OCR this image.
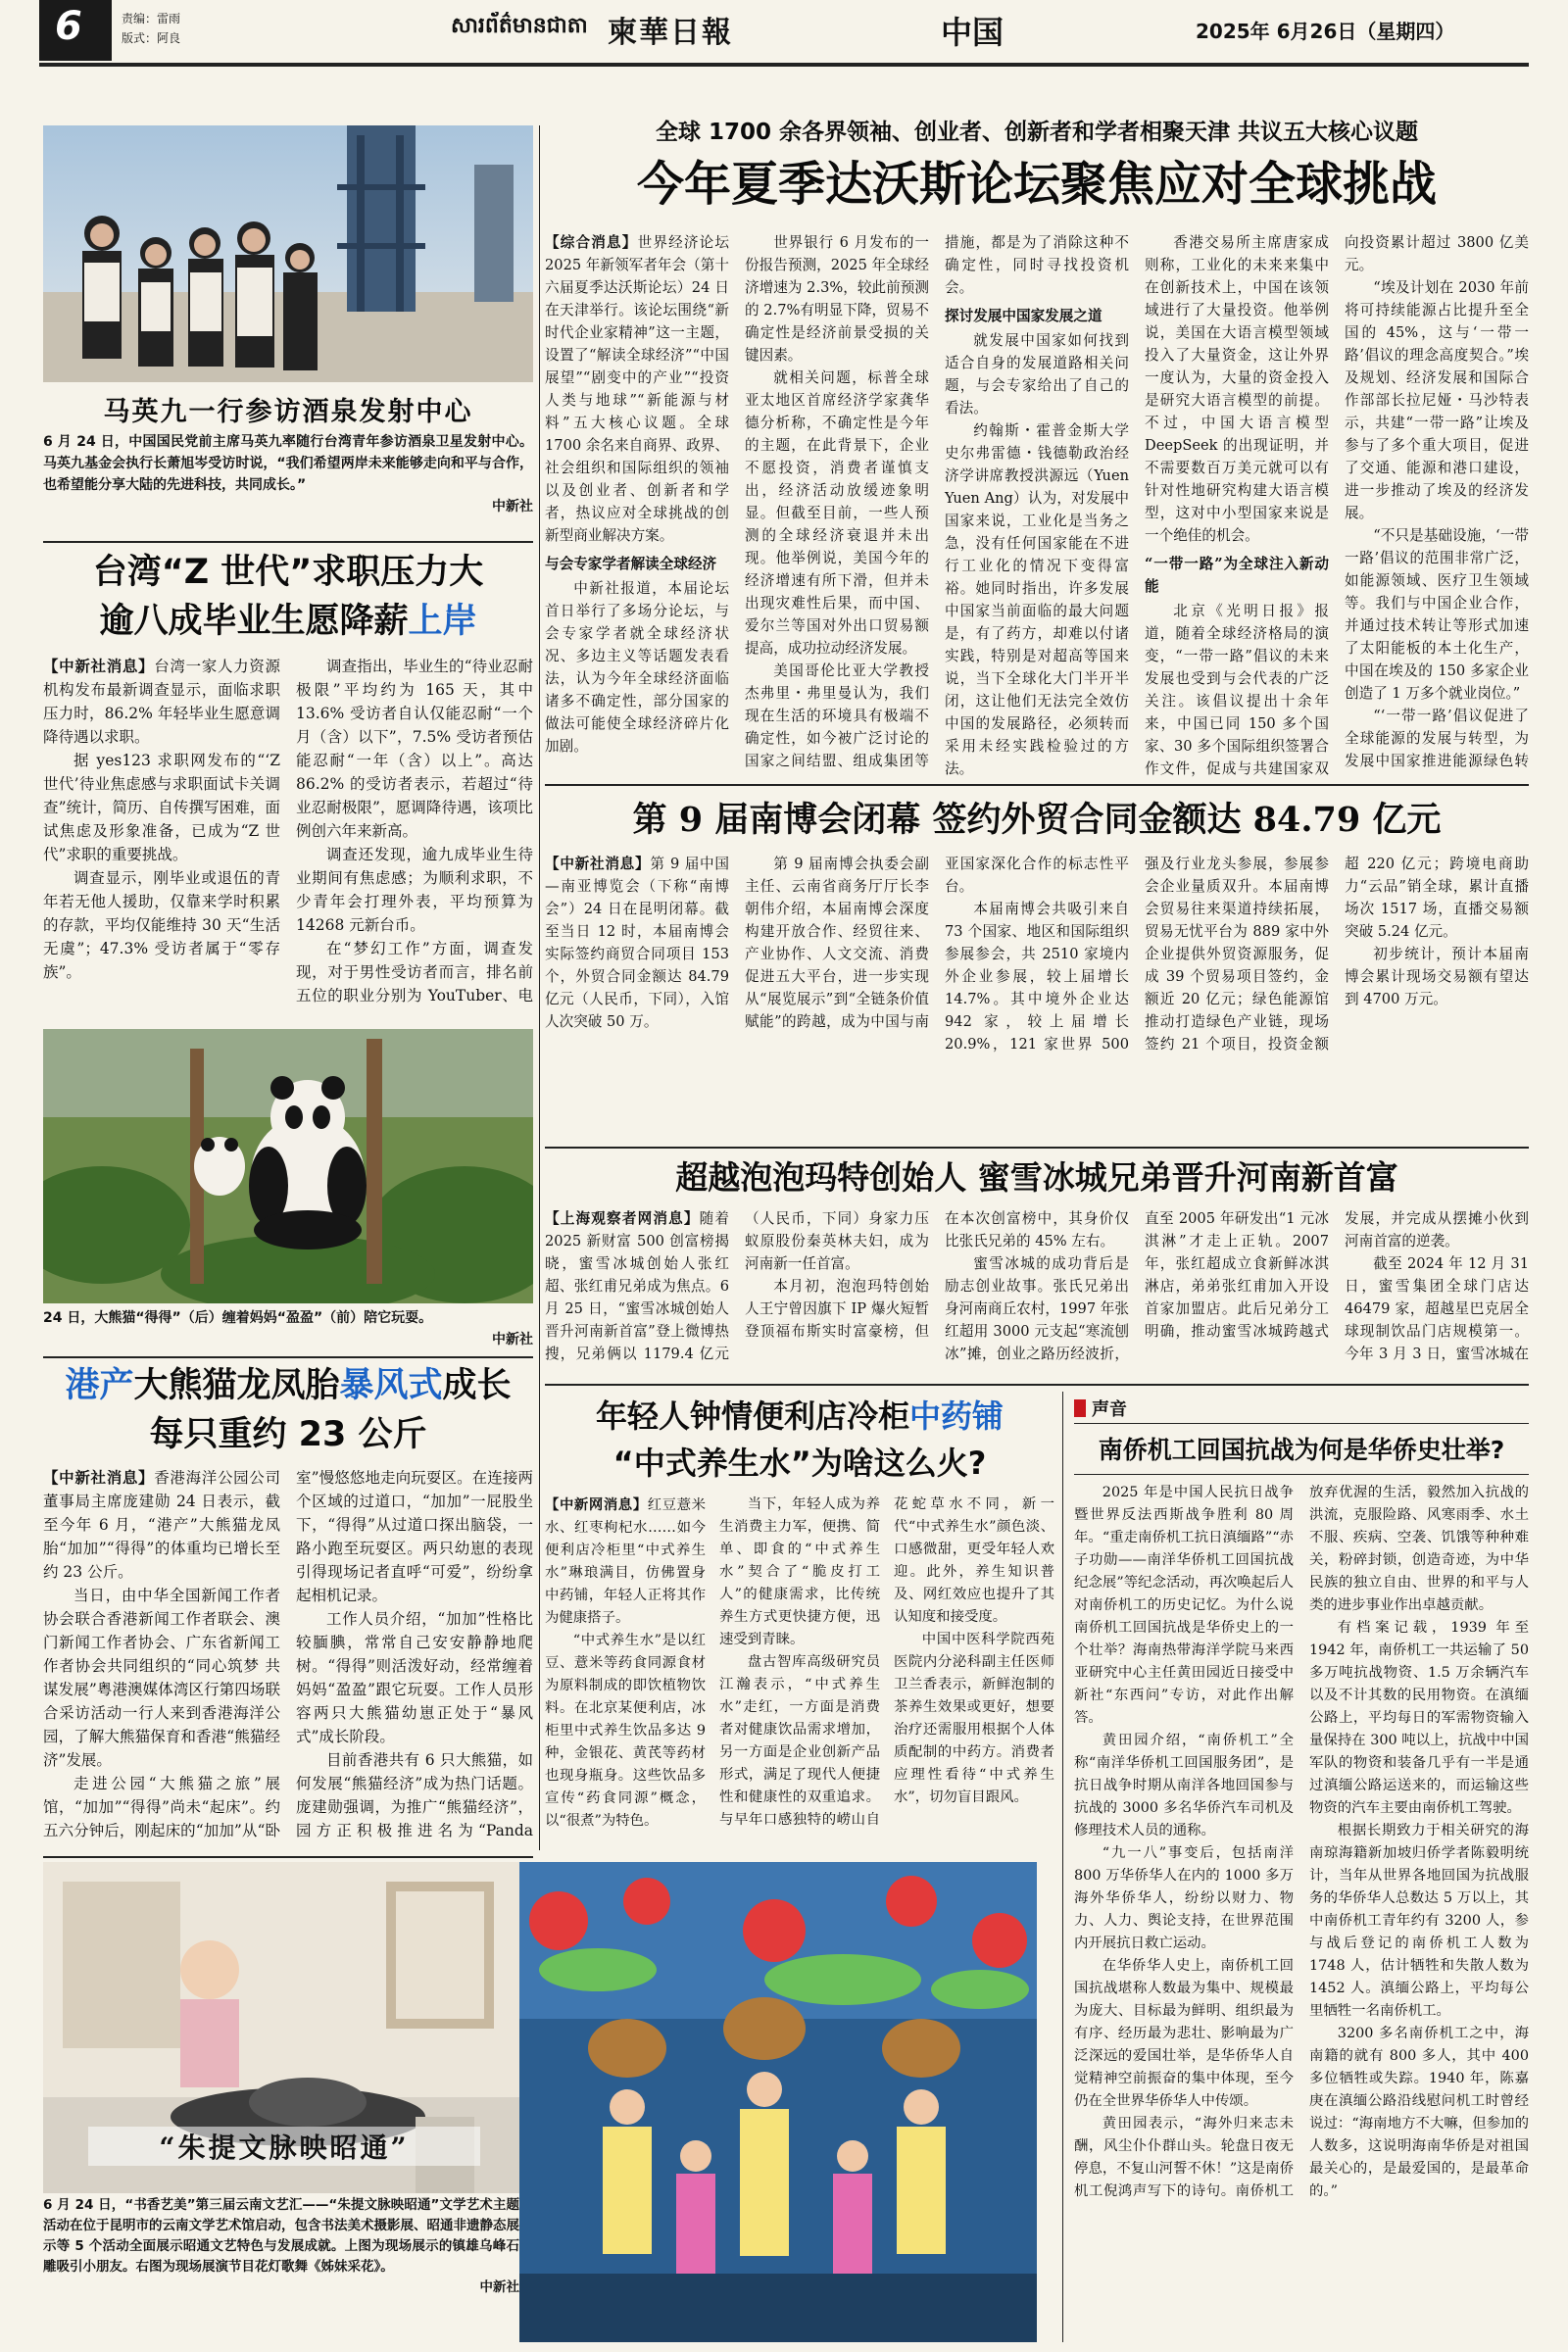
6	责编：雷雨
版式：阿良	សារព័ត៌មានជាតា 柬華日報	中国	2025年 6月26日（星期四）
马英九一行参访酒泉发射中心
6 月 24 日，中国国民党前主席马英九率随行台湾青年参访酒泉卫星发射中心。马英九基金会执行长萧旭岑受访时说，“我们希望两岸未来能够走向和平与合作，也希望能分享大陆的先进科技，共同成长。”
中新社
台湾“Z 世代”求职压力大
逾八成毕业生愿降薪上岸

【中新社消息】台湾一家人力资源机构发布最新调查显示，面临求职压力时，86.2% 年轻毕业生愿意调降待遇以求职。

据 yes123 求职网发布的“‘Z 世代’待业焦虑感与求职面试卡关调查”统计，简历、自传撰写困难，面试焦虑及形象准备，已成为“Z 世代”求职的重要挑战。

调查显示，刚毕业或退伍的青年若无他人援助，仅靠来学时积累的存款，平均仅能维持 30 天“生活无虞”；47.3% 受访者属于“零存族”。

调查指出，毕业生的“待业忍耐极限”平均约为 165 天，其中 13.6% 受访者自认仅能忍耐“一个月（含）以下”，7.5% 受访者预估能忍耐“一年（含）以上”。高达 86.2% 的受访者表示，若超过“待业忍耐极限”，愿调降待遇，该项比例创六年来新高。

调查还发现，逾九成毕业生待业期间有焦虑感；为顺利求职，不少青年会打理外表，平均预算为 14268 元新台币。

在“梦幻工作”方面，调查发现，对于男性受访者而言，排名前五位的职业分别为 YouTuber、电

24 日，大熊猫“得得”（后）缠着妈妈“盈盈”（前）陪它玩耍。
中新社
港产大熊猫龙凤胎暴风式成长
每只重约 23 公斤

【中新社消息】香港海洋公园公司董事局主席庞建勋 24 日表示，截至今年 6 月，“港产”大熊猫龙凤胎“加加”“得得”的体重均已增长至约 23 公斤。

当日，由中华全国新闻工作者协会联合香港新闻工作者联会、澳门新闻工作者协会、广东省新闻工作者协会共同组织的“同心筑梦 共谋发展”粤港澳媒体湾区行第四场联合采访活动一行人来到香港海洋公园，了解大熊猫保育和香港“熊猫经济”发展。

走进公园“大熊猫之旅”展馆，“加加”“得得”尚未“起床”。约五六分钟后，刚起床的“加加”从“卧室”慢悠悠地走向玩耍区。在连接两个区域的过道口，“加加”一屁股坐下，“得得”从过道口探出脑袋，一路小跑至玩耍区。两只幼崽的表现引得现场记者直呼“可爱”，纷纷拿起相机记录。

工作人员介绍，“加加”性格比较腼腆，常常自己安安静静地爬树。“得得”则活泼好动，经常缠着妈妈“盈盈”跟它玩耍。工作人员形容两只大熊猫幼崽正处于“暴风式”成长阶段。

目前香港共有 6 只大熊猫，如何发展“熊猫经济”成为热门话题。庞建勋强调，为推广“熊猫经济”，园方正积极推进名为“Panda

“朱提文脉映昭通”
6 月 24 日，“书香艺美”第三届云南文艺汇——“朱提文脉映昭通”文学艺术主题活动在位于昆明市的云南文学艺术馆启动，包含书法美术摄影展、昭通非遗静态展示等 5 个活动全面展示昭通文艺特色与发展成就。上图为现场展示的镇雄乌峰石雕吸引小朋友。右图为现场展演节目花灯歌舞《姊妹采花》。
中新社
全球 1700 余各界领袖、创业者、创新者和学者相聚天津 共议五大核心议题
今年夏季达沃斯论坛聚焦应对全球挑战

【综合消息】世界经济论坛 2025 年新领军者年会（第十六届夏季达沃斯论坛）24 日在天津举行。该论坛围绕“新时代企业家精神”这一主题，设置了“解读全球经济”“中国展望”“剧变中的产业”“投资人类与地球”“新能源与材料”五大核心议题。全球 1700 余名来自商界、政界、社会组织和国际组织的领袖以及创业者、创新者和学者，热议应对全球挑战的创新型商业解决方案。

与会专家学者解读全球经济

中新社报道，本届论坛首日举行了多场分论坛，与会专家学者就全球经济状况、多边主义等话题发表看法，认为今年全球经济面临诸多不确定性，部分国家的做法可能使全球经济碎片化加剧。

世界银行 6 月发布的一份报告预测，2025 年全球经济增速为 2.3%，较此前预测的 2.7%有明显下降，贸易不确定性是经济前景受损的关键因素。

就相关问题，标普全球亚太地区首席经济学家龚华德分析称，不确定性是今年的主题，在此背景下，企业不愿投资，消费者谨慎支出，经济活动放缓迹象明显。但截至目前，一些人预测的全球经济衰退并未出现。他举例说，美国今年的经济增速有所下滑，但并未出现灾难性后果，而中国、爱尔兰等国对外出口贸易额提高，成功拉动经济发展。

美国哥伦比亚大学教授杰弗里・弗里曼认为，我们现在生活的环境具有极端不确定性，如今被广泛讨论的国家之间结盟、组成集团等措施，都是为了消除这种不确定性，同时寻找投资机会。

探讨发展中国家发展之道

就发展中国家如何找到适合自身的发展道路相关问题，与会专家给出了自己的看法。

约翰斯・霍普金斯大学史尔弗雷德・钱德勒政治经济学讲席教授洪源远（Yuen Yuen Ang）认为，对发展中国家来说，工业化是当务之急，没有任何国家能在不进行工业化的情况下变得富裕。她同时指出，许多发展中国家当前面临的最大问题是，有了药方，却难以付诸实践，特别是对超高等国来说，当下全球化大门半开半闭，这让他们无法完全效仿中国的发展路径，必须转而采用未经实践检验过的方法。

香港交易所主席唐家成则称，工业化的未来来集中在创新技术上，中国在该领域进行了大量投资。他举例说，美国在大语言模型领域投入了大量资金，这让外界一度认为，大量的资金投入是研究大语言模型的前提。不过，中国大语言模型 DeepSeek 的出现证明，并不需要数百万美元就可以有针对性地研究构建大语言模型，这对中小型国家来说是一个绝佳的机会。

“一带一路”为全球注入新动能

北京《光明日报》报道，随着全球经济格局的演变，“一带一路”倡议的未来发展也受到与会代表的广泛关注。该倡议提出十余年来，中国已同 150 多个国家、30 多个国际组织签署合作文件，促成与共建国家双向投资累计超过 3800 亿美元。

“埃及计划在 2030 年前将可持续能源占比提升至全国的 45%，这与‘一带一路’倡议的理念高度契合。”埃及规划、经济发展和国际合作部部长拉尼娅・马沙特表示，共建“一带一路”让埃及参与了多个重大项目，促进了交通、能源和港口建设，进一步推动了埃及的经济发展。

“不只是基础设施，‘一带一路’倡议的范围非常广泛，如能源领域、医疗卫生领域等。我们与中国企业合作，并通过技术转让等形式加速了太阳能板的本土化生产，中国在埃及的 150 多家企业创造了 1 万多个就业岗位。”

“‘一带一路’倡议促进了全球能源的发展与转型，为发展中国家推进能源绿色转

第 9 届南博会闭幕 签约外贸合同金额达 84.79 亿元

【中新社消息】第 9 届中国—南亚博览会（下称“南博会”）24 日在昆明闭幕。截至当日 12 时，本届南博会实际签约商贸合同项目 153 个，外贸合同金额达 84.79 亿元（人民币，下同），入馆人次突破 50 万。

第 9 届南博会执委会副主任、云南省商务厅厅长李朝伟介绍，本届南博会深度构建开放合作、经贸往来、产业协作、人文交流、消费促进五大平台，进一步实现从“展览展示”到“全链条价值赋能”的跨越，成为中国与南亚国家深化合作的标志性平台。

本届南博会共吸引来自 73 个国家、地区和国际组织参展参会，共 2510 家境内外企业参展，较上届增长 14.7%。其中境外企业达 942 家，较上届增长 20.9%，121 家世界 500 强及行业龙头参展，参展参会企业量质双升。本届南博会贸易往来渠道持续拓展，贸易无忧平台为 889 家中外企业提供外贸资源服务，促成 39 个贸易项目签约，金额近 20 亿元；绿色能源馆推动打造绿色产业链，现场签约 21 个项目，投资金额超 220 亿元；跨境电商助力“云品”销全球，累计直播场次 1517 场，直播交易额突破 5.24 亿元。

初步统计，预计本届南博会累计现场交易额有望达到 4700 万元。

超越泡泡玛特创始人 蜜雪冰城兄弟晋升河南新首富

【上海观察者网消息】随着 2025 新财富 500 创富榜揭晓，蜜雪冰城创始人张红超、张红甫兄弟成为焦点。6 月 25 日，“蜜雪冰城创始人晋升河南新首富”登上微博热搜，兄弟俩以 1179.4 亿元（人民币，下同）身家力压蚁原股份秦英林夫妇，成为河南新一任首富。

本月初，泡泡玛特创始人王宁曾因旗下 IP 爆火短暂登顶福布斯实时富豪榜，但在本次创富榜中，其身价仅比张氏兄弟的 45% 左右。

蜜雪冰城的成功背后是励志创业故事。张氏兄弟出身河南商丘农村，1997 年张红超用 3000 元支起“寒流刨冰”摊，创业之路历经波折，直至 2005 年研发出“1 元冰淇淋”才走上正轨。2007 年，张红超成立食新鲜冰淇淋店，弟弟张红甫加入开设首家加盟店。此后兄弟分工明确，推动蜜雪冰城跨越式发展，并完成从摆摊小伙到河南首富的逆袭。

截至 2024 年 12 月 31 日，蜜雪集团全球门店达 46479 家，超越星巴克居全球现制饮品门店规模第一。今年 3 月 3 日，蜜雪冰城在

年轻人钟情便利店冷柜中药铺
“中式养生水”为啥这么火?

【中新网消息】红豆薏米水、红枣枸杞水……如今便利店冷柜里“中式养生水”琳琅满目，仿佛置身中药铺，年轻人正将其作为健康搭子。

“中式养生水”是以红豆、薏米等药食同源食材为原料制成的即饮植物饮料。在北京某便利店，冰柜里中式养生饮品多达 9 种，金银花、黄芪等药材也现身瓶身。这些饮品多宣传“药食同源”概念，以“很煮”为特色。

当下，年轻人成为养生消费主力军，便携、简单、即食的“中式养生水”契合了“脆皮打工人”的健康需求，比传统养生方式更快捷方便，迅速受到青睐。

盘古智库高级研究员江瀚表示，“中式养生水”走红，一方面是消费者对健康饮品需求增加，另一方面是企业创新产品形式，满足了现代人便捷性和健康性的双重追求。与早年口感独特的崂山自花蛇草水不同，新一代“中式养生水”颜色淡、口感微甜，更受年轻人欢迎。此外，养生知识普及、网红效应也提升了其认知度和接受度。

中国中医科学院西苑医院内分泌科副主任医师卫兰香表示，新鲜泡制的茶养生效果或更好，想要治疗还需服用根据个人体质配制的中药方。消费者应理性看待“中式养生水”，切勿盲目跟风。

声音
南侨机工回国抗战为何是华侨史壮举?

2025 年是中国人民抗日战争暨世界反法西斯战争胜利 80 周年。“重走南侨机工抗日滇缅路”“赤子功勋——南洋华侨机工回国抗战纪念展”等纪念活动，再次唤起后人对南侨机工的历史记忆。为什么说南侨机工回国抗战是华侨史上的一个壮举？海南热带海洋学院马来西亚研究中心主任黄田园近日接受中新社“东西问”专访，对此作出解答。

黄田园介绍，“南侨机工”全称“南洋华侨机工回国服务团”，是抗日战争时期从南洋各地回国参与抗战的 3000 多名华侨汽车司机及修理技术人员的通称。

“九一八”事变后，包括南洋 800 万华侨华人在内的 1000 多万海外华侨华人，纷纷以财力、物力、人力、舆论支持，在世界范围内开展抗日救亡运动。

在华侨华人史上，南侨机工回国抗战堪称人数最为集中、规模最为庞大、目标最为鲜明、组织最为有序、经历最为悲壮、影响最为广泛深远的爱国壮举，是华侨华人自觉精神空前振奋的集中体现，至今仍在全世界华侨华人中传颂。

黄田园表示，“海外归来志未酬，风尘仆仆群山头。轮盘日夜无停息，不复山河誓不休！”这是南侨机工倪鸿声写下的诗句。南侨机工放弃优渥的生活，毅然加入抗战的洪流，克服险路、风寒雨季、水土不服、疾病、空袭、饥饿等种种难关，粉碎封锁，创造奇迹，为中华民族的独立自由、世界的和平与人类的进步事业作出卓越贡献。

有档案记载，1939 年至 1942 年，南侨机工一共运输了 50 多万吨抗战物资、1.5 万余辆汽车以及不计其数的民用物资。在滇缅公路上，平均每日的军需物资输入量保持在 300 吨以上，抗战中中国军队的物资和装备几乎有一半是通过滇缅公路运送来的，而运输这些物资的汽车主要由南侨机工驾驶。

根据长期致力于相关研究的海南琼海籍新加坡归侨学者陈毅明统计，当年从世界各地回国为抗战服务的华侨华人总数达 5 万以上，其中南侨机工青年约有 3200 人，参与战后登记的南侨机工人数为 1748 人，估计牺牲和失散人数为 1452 人。滇缅公路上，平均每公里牺牲一名南侨机工。

3200 多名南侨机工之中，海南籍的就有 800 多人，其中 400 多位牺牲或失踪。1940 年，陈嘉庚在滇缅公路沿线慰问机工时曾经说过：“海南地方不大嘛，但参加的人数多，这说明海南华侨是对祖国最关心的，是最爱国的，是最革命的。”
